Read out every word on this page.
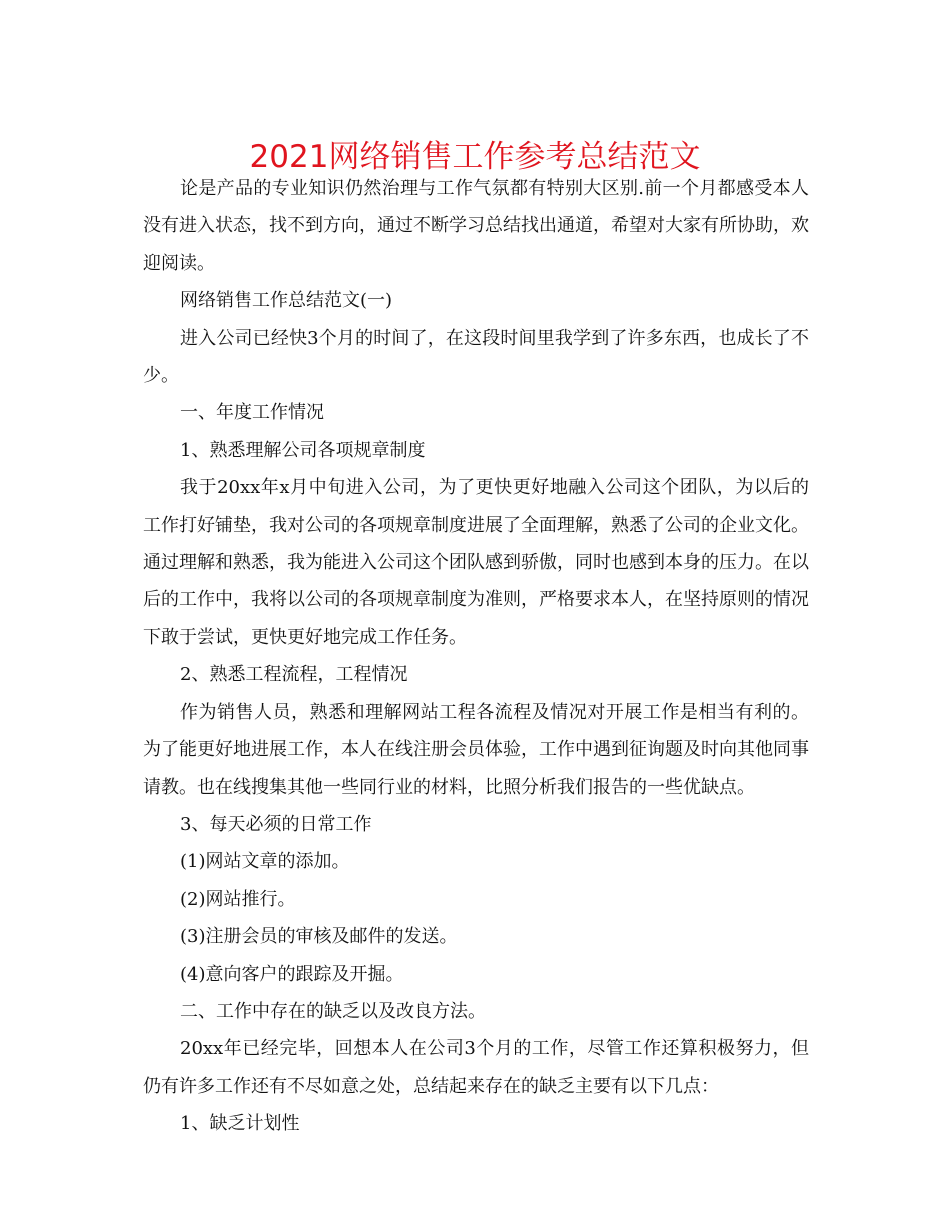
2021网络销售工作参考总结范文

论是产品的专业知识仍然治理与工作气氛都有特别大区别.前一个月都感受本人没有进入状态，找不到方向，通过不断学习总结找出通道，希望对大家有所协助，欢迎阅读。

网络销售工作总结范文(一)

进入公司已经快3个月的时间了，在这段时间里我学到了许多东西，也成长了不少。

一、年度工作情况

1、熟悉理解公司各项规章制度

我于20xx年x月中旬进入公司，为了更快更好地融入公司这个团队，为以后的工作打好铺垫，我对公司的各项规章制度进展了全面理解，熟悉了公司的企业文化。通过理解和熟悉，我为能进入公司这个团队感到骄傲，同时也感到本身的压力。在以后的工作中，我将以公司的各项规章制度为准则，严格要求本人，在坚持原则的情况下敢于尝试，更快更好地完成工作任务。

2、熟悉工程流程，工程情况

作为销售人员，熟悉和理解网站工程各流程及情况对开展工作是相当有利的。为了能更好地进展工作，本人在线注册会员体验，工作中遇到征询题及时向其他同事请教。也在线搜集其他一些同行业的材料，比照分析我们报告的一些优缺点。

3、每天必须的日常工作

(1)网站文章的添加。

(2)网站推行。

(3)注册会员的审核及邮件的发送。

(4)意向客户的跟踪及开掘。

二、工作中存在的缺乏以及改良方法。

20xx年已经完毕，回想本人在公司3个月的工作，尽管工作还算积极努力，但仍有许多工作还有不尽如意之处，总结起来存在的缺乏主要有以下几点：

1、缺乏计划性
